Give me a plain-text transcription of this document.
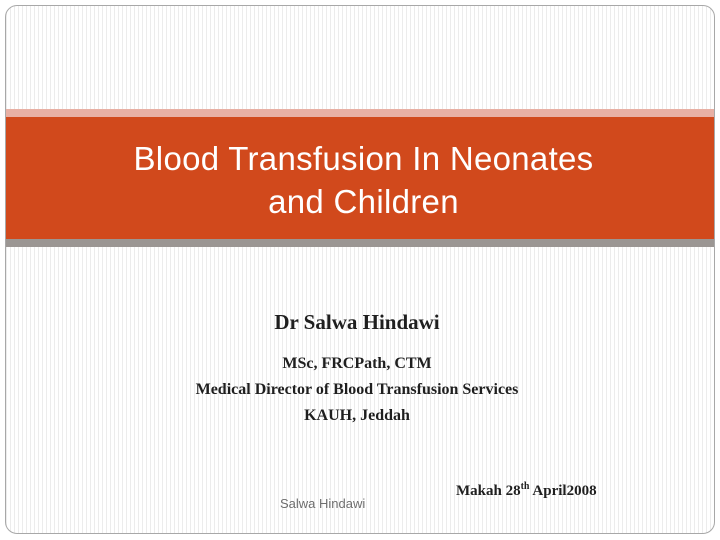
Blood Transfusion In Neonates
and Children
Dr Salwa Hindawi
MSc, FRCPath, CTM
Medical Director of Blood Transfusion Services
KAUH, Jeddah
Salwa Hindawi
Makah 28th April2008
